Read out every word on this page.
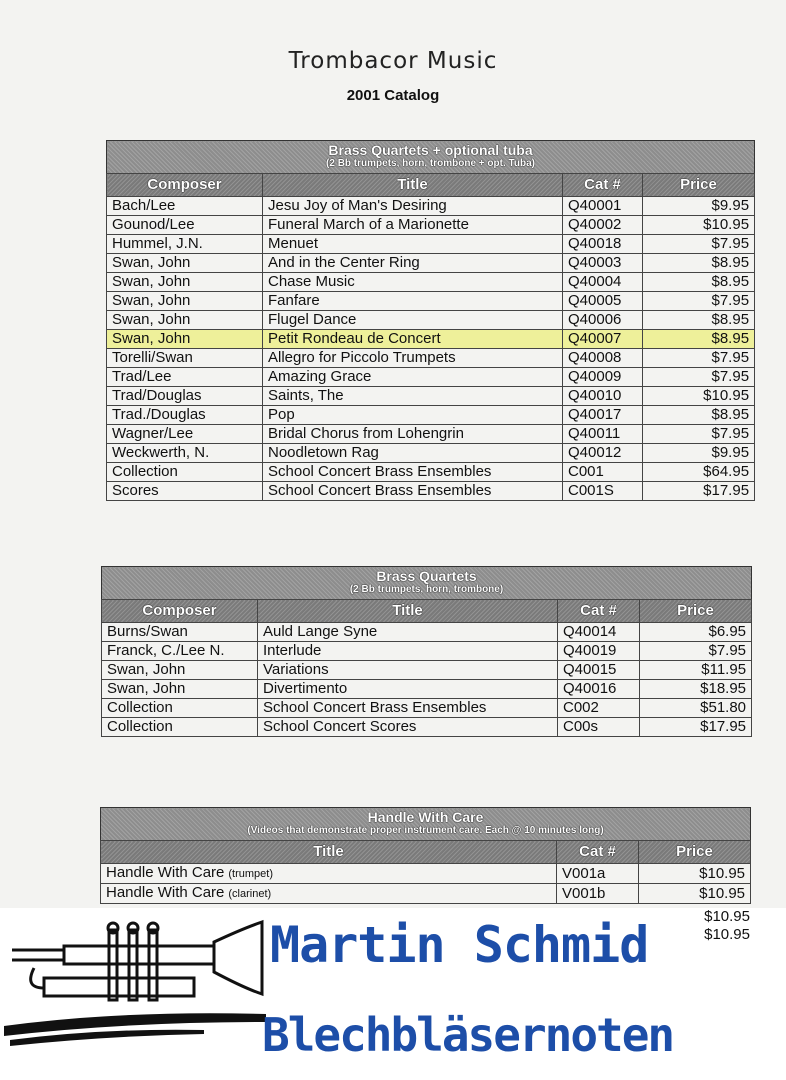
Trombacor Music
2001 Catalog
Brass Quartets + optional tuba
(2 Bb trumpets, horn, trombone + opt. Tuba)			

Composer	Title	Cat #	Price
Bach/Lee	Jesu Joy of Man's Desiring	Q40001	$9.95
Gounod/Lee	Funeral March of a Marionette	Q40002	$10.95
Hummel, J.N.	Menuet	Q40018	$7.95
Swan, John	And in the Center Ring	Q40003	$8.95
Swan, John	Chase Music	Q40004	$8.95
Swan, John	Fanfare	Q40005	$7.95
Swan, John	Flugel Dance	Q40006	$8.95
Swan, John	Petit Rondeau de Concert	Q40007	$8.95
Torelli/Swan	Allegro for Piccolo Trumpets	Q40008	$7.95
Trad/Lee	Amazing Grace	Q40009	$7.95
Trad/Douglas	Saints, The	Q40010	$10.95
Trad./Douglas	Pop	Q40017	$8.95
Wagner/Lee	Bridal Chorus from Lohengrin	Q40011	$7.95
Weckwerth, N.	Noodletown Rag	Q40012	$9.95
Collection	School Concert Brass Ensembles	C001	$64.95
Scores	School Concert Brass Ensembles	C001S	$17.95
Brass Quartets
(2 Bb trumpets, horn, trombone)			

Composer	Title	Cat #	Price
Burns/Swan	Auld Lange Syne	Q40014	$6.95
Franck, C./Lee N.	Interlude	Q40019	$7.95
Swan, John	Variations	Q40015	$11.95
Swan, John	Divertimento	Q40016	$18.95
Collection	School Concert Brass Ensembles	C002	$51.80
Collection	School Concert Scores	C00s	$17.95
Handle With Care
(Videos that demonstrate proper instrument care. Each @ 10 minutes long)		

Title	Cat #	Price
Handle With Care (trumpet)	V001a	$10.95
Handle With Care (clarinet)	V001b	$10.95
$10.95
$10.95
Martin Schmid
Blechbläsernoten
